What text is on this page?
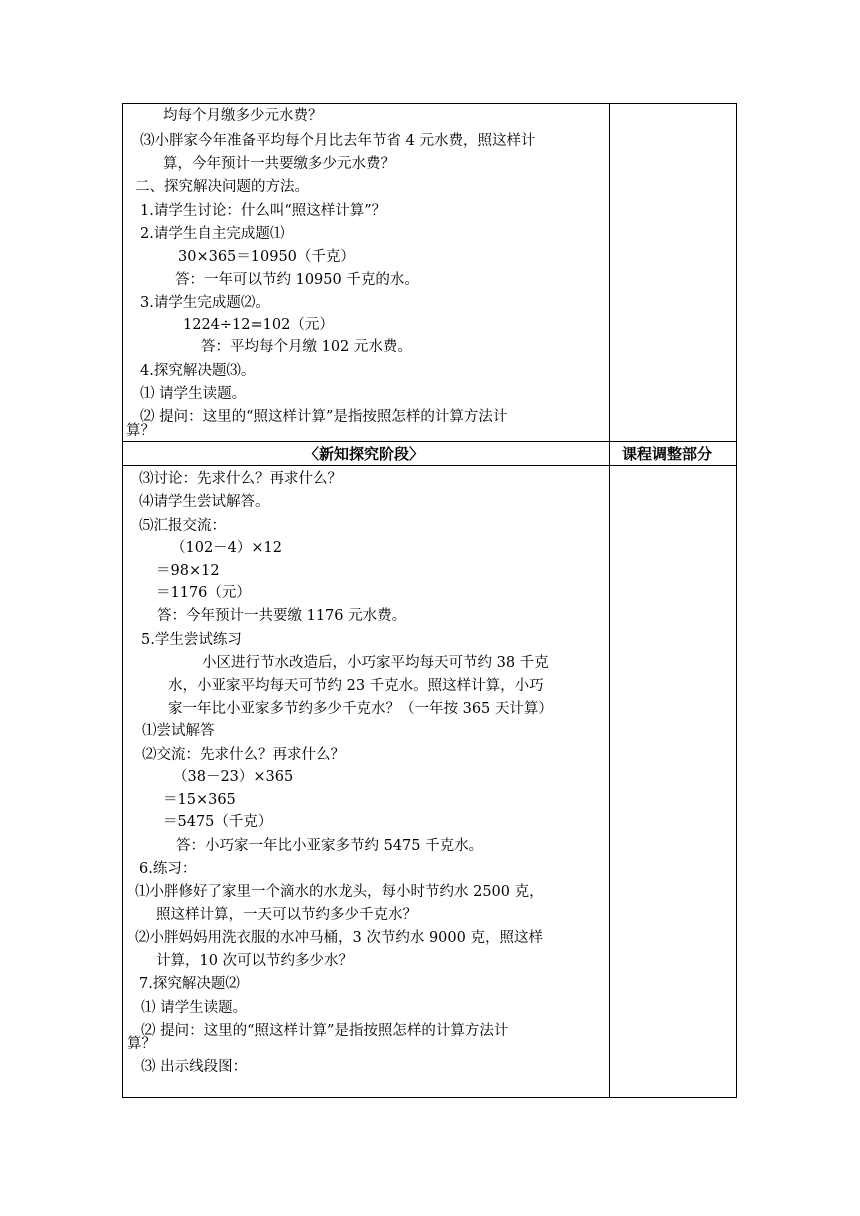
均每个月缴多少元水费？
⑶小胖家今年准备平均每个月比去年节省 4 元水费，照这样计
算，今年预计一共要缴多少元水费？
二、探究解决问题的方法。
1.请学生讨论：什么叫“照这样计算”？
2.请学生自主完成题⑴
30×365＝10950（千克）
答：一年可以节约 10950 千克的水。
3.请学生完成题⑵。
1224÷12=102（元）
答：平均每个月缴 102 元水费。
4.探究解决题⑶。
⑴ 请学生读题。
⑵ 提问：这里的“照这样计算”是指按照怎样的计算方法计
算？
〈新知探究阶段〉	课程调整部分
⑶讨论：先求什么？再求什么？
⑷请学生尝试解答。
⑸汇报交流：
（102－4）×12
＝98×12
＝1176（元）
答：今年预计一共要缴 1176 元水费。
5.学生尝试练习
小区进行节水改造后，小巧家平均每天可节约 38 千克
水，小亚家平均每天可节约 23 千克水。照这样计算，小巧
家一年比小亚家多节约多少千克水？（一年按 365 天计算）
⑴尝试解答
⑵交流：先求什么？再求什么？
（38－23）×365
＝15×365
＝5475（千克）
答：小巧家一年比小亚家多节约 5475 千克水。
6.练习：
⑴小胖修好了家里一个滴水的水龙头，每小时节约水 2500 克，
照这样计算，一天可以节约多少千克水？
⑵小胖妈妈用洗衣服的水冲马桶，3 次节约水 9000 克，照这样
计算，10 次可以节约多少水？
7.探究解决题⑵
⑴ 请学生读题。
⑵ 提问：这里的“照这样计算”是指按照怎样的计算方法计
算？
⑶ 出示线段图：
